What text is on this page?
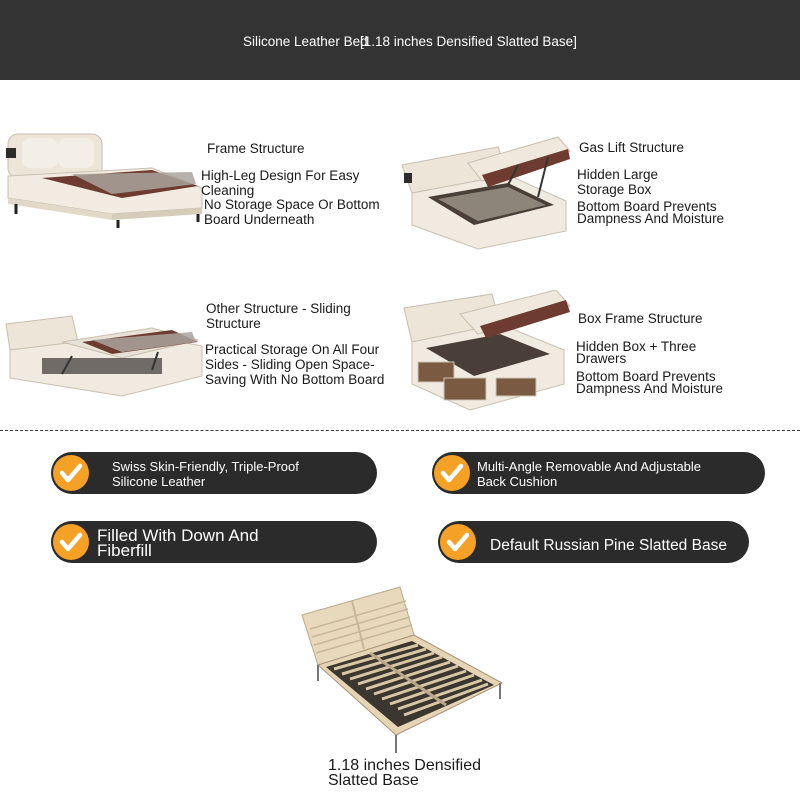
Silicone Leather Bed
[1.18 inches Densified Slatted Base]
Frame Structure
High-Leg Design For Easy Cleaning
No Storage Space Or Bottom Board Underneath
Gas Lift Structure
Hidden Large Storage Box
Bottom Board Prevents Dampness And Moisture
Other Structure - Sliding Structure
Practical Storage On All Four Sides - Sliding Open Space-Saving With No Bottom Board
Box Frame Structure
Hidden Box + Three Drawers
Bottom Board Prevents Dampness And Moisture
Swiss Skin-Friendly, Triple-Proof Silicone Leather
Multi-Angle Removable And Adjustable Back Cushion
Filled With Down And Fiberfill	Default Russian Pine Slatted Base
1.18 inches Densified Slatted Base
